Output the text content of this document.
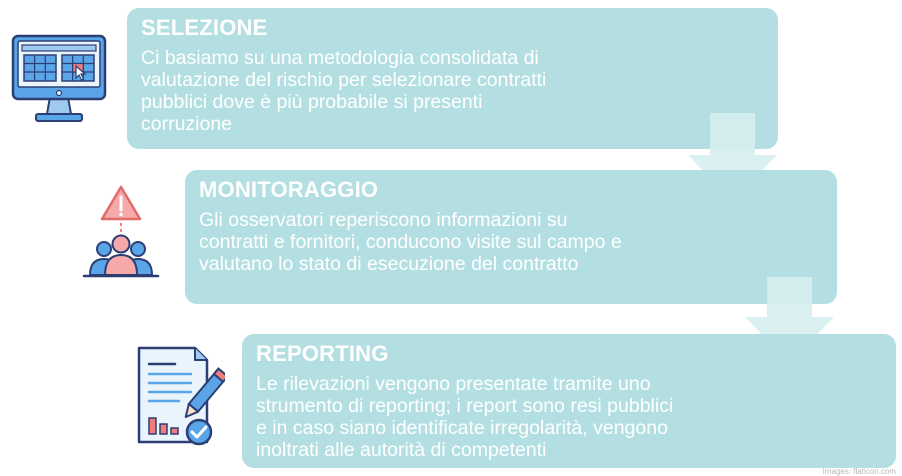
SELEZIONE

Ci basiamo su una metodologia consolidata di
valutazione del rischio per selezionare contratti
pubblici dove è più probabile si presenti
corruzione

MONITORAGGIO

Gli osservatori reperiscono informazioni su
contratti e fornitori, conducono visite sul campo e
valutano lo stato di esecuzione del contratto

REPORTING

Le rilevazioni vengono presentate tramite uno
strumento di reporting; i report sono resi pubblici
e in caso siano identificate irregolarità, vengono
inoltrati alle autorità di competenti

Images: flaticon.com
